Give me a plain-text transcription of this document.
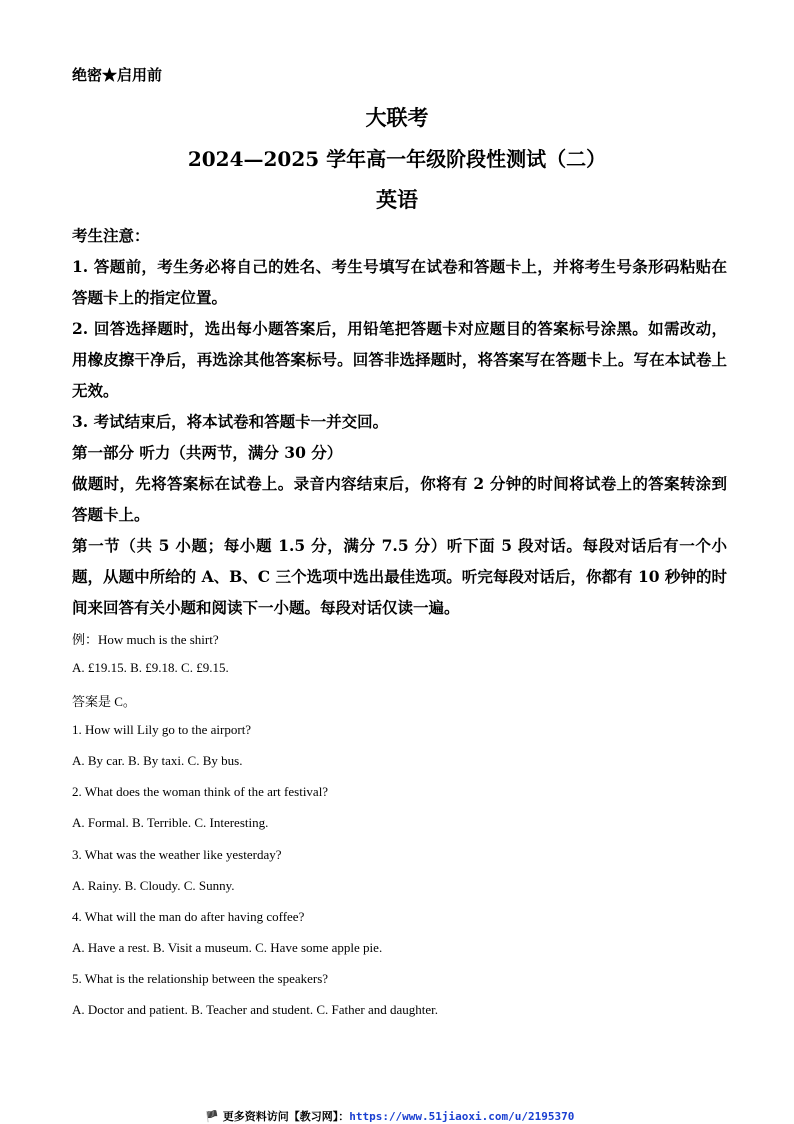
绝密★启用前
大联考
2024—2025 学年高一年级阶段性测试（二）
英语
考生注意：
1. 答题前，考生务必将自己的姓名、考生号填写在试卷和答题卡上，并将考生号条形码粘贴在答题卡上的指定位置。
2. 回答选择题时，选出每小题答案后，用铅笔把答题卡对应题目的答案标号涂黑。如需改动，用橡皮擦干净后，再选涂其他答案标号。回答非选择题时，将答案写在答题卡上。写在本试卷上无效。
3. 考试结束后，将本试卷和答题卡一并交回。
第一部分 听力（共两节，满分 30 分）
做题时，先将答案标在试卷上。录音内容结束后，你将有 2 分钟的时间将试卷上的答案转涂到答题卡上。
第一节（共 5 小题；每小题 1.5 分，满分 7.5 分）听下面 5 段对话。每段对话后有一个小题，从题中所给的 A、B、C 三个选项中选出最佳选项。听完每段对话后，你都有 10 秒钟的时间来回答有关小题和阅读下一小题。每段对话仅读一遍。
例：How much is the shirt?
A. £19.15. B. £9.18. C. £9.15.
答案是 C。
1. How will Lily go to the airport?
A. By car. B. By taxi. C. By bus.
2. What does the woman think of the art festival?
A. Formal. B. Terrible. C. Interesting.
3. What was the weather like yesterday?
A. Rainy. B. Cloudy. C. Sunny.
4. What will the man do after having coffee?
A. Have a rest. B. Visit a museum. C. Have some apple pie.
5. What is the relationship between the speakers?
A. Doctor and patient. B. Teacher and student. C. Father and daughter.
🏴 更多资料访问【教习网】：https://www.51jiaoxi.com/u/2195370
